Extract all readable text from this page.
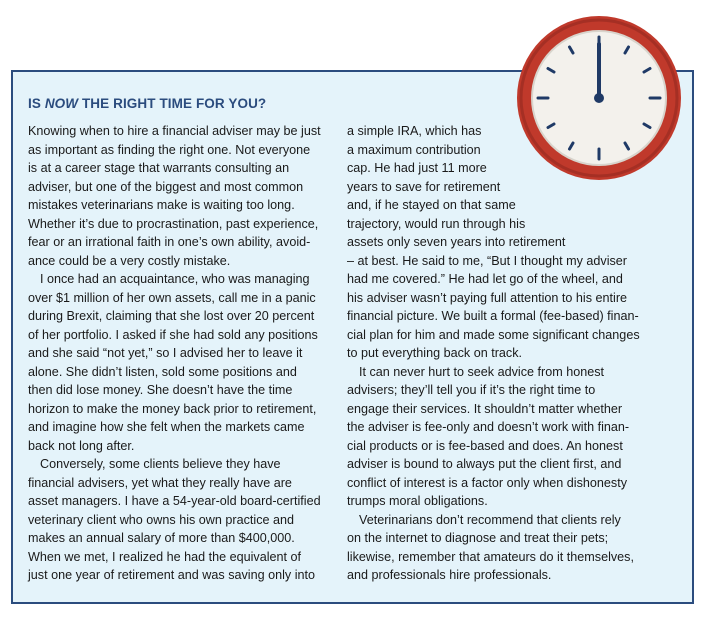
IS NOW THE RIGHT TIME FOR YOU?

Knowing when to hire a financial adviser may be just
as important as finding the right one. Not everyone
is at a career stage that warrants consulting an
adviser, but one of the biggest and most common
mistakes veterinarians make is waiting too long.
Whether it’s due to procrastination, past experience,
fear or an irrational faith in one’s own ability, avoid-
ance could be a very costly mistake.

I once had an acquaintance, who was managing
over $1 million of her own assets, call me in a panic
during Brexit, claiming that she lost over 20 percent
of her portfolio. I asked if she had sold any positions
and she said “not yet,” so I advised her to leave it
alone. She didn’t listen, sold some positions and
then did lose money. She doesn’t have the time
horizon to make the money back prior to retirement,
and imagine how she felt when the markets came
back not long after.

Conversely, some clients believe they have
financial advisers, yet what they really have are
asset managers. I have a 54-year-old board-certified
veterinary client who owns his own practice and
makes an annual salary of more than $400,000.
When we met, I realized he had the equivalent of
just one year of retirement and was saving only into

a simple IRA, which has
a maximum contribution
cap. He had just 11 more
years to save for retirement
and, if he stayed on that same
trajectory, would run through his
assets only seven years into retirement
– at best. He said to me, “But I thought my adviser
had me covered.” He had let go of the wheel, and
his adviser wasn’t paying full attention to his entire
financial picture. We built a formal (fee-based) finan-
cial plan for him and made some significant changes
to put everything back on track.

It can never hurt to seek advice from honest
advisers; they’ll tell you if it’s the right time to
engage their services. It shouldn’t matter whether
the adviser is fee-only and doesn’t work with finan-
cial products or is fee-based and does. An honest
adviser is bound to always put the client first, and
conflict of interest is a factor only when dishonesty
trumps moral obligations.

Veterinarians don’t recommend that clients rely
on the internet to diagnose and treat their pets;
likewise, remember that amateurs do it themselves,
and professionals hire professionals.
